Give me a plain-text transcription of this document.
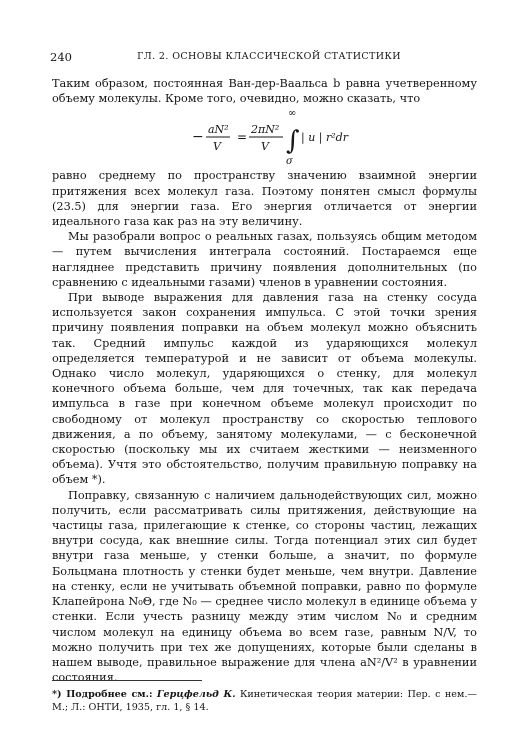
240	ГЛ. 2. ОСНОВЫ КЛАССИЧЕСКОЙ СТАТИСТИКИ

Таким образом, постоянная Ван-дер-Ваальса b равна учетверенному объему молекулы. Кроме того, очевидно, можно сказать, что

− aN²
V
=
2πN²
V
∞
∫
σ
| u | r²dr

равно среднему по пространству значению взаимной энергии притяжения всех молекул газа. Поэтому понятен смысл формулы (23.5) для энергии газа. Его энергия отличается от энергии идеального газа как раз на эту величину.

Мы разобрали вопрос о реальных газах, пользуясь общим методом — путем вычисления интеграла состояний. Постараемся еще нагляднее представить причину появления дополнительных (по сравнению с идеальными газами) членов в уравнении состояния.

При выводе выражения для давления газа на стенку сосуда используется закон сохранения импульса. С этой точки зрения причину появления поправки на объем молекул можно объяснить так. Средний импульс каждой из ударяющихся молекул определяется температурой и не зависит от объема молекулы. Однако число молекул, ударяющихся о стенку, для молекул конечного объема больше, чем для точечных, так как передача импульса в газе при конечном объеме молекул происходит по свободному от молекул пространству со скоростью теплового движения, а по объему, занятому молекулами, — с бесконечной скоростью (поскольку мы их считаем жесткими — неизменного объема). Учтя это обстоятельство, получим правильную поправку на объем *).

Поправку, связанную с наличием дальнодействующих сил, можно получить, если рассматривать силы притяжения, действующие на частицы газа, прилегающие к стенке, со стороны частиц, лежащих внутри сосуда, как внешние силы. Тогда потенциал этих сил будет внутри газа меньше, у стенки больше, а значит, по формуле Больцмана плотность у стенки будет меньше, чем внутри. Давление на стенку, если не учитывать объемной поправки, равно по формуле Клапейрона N₀Θ, где N₀ — среднее число молекул в единице объема у стенки. Если учесть разницу между этим числом N₀ и средним числом молекул на единицу объема во всем газе, равным N/V, то можно получить при тех же допущениях, которые были сделаны в нашем выводе, правильное выражение для члена aN²/V² в уравнении состояния.

*) Подробнее см.: Герцфельд К. Кинетическая теория материи: Пер. с нем.— М.; Л.: ОНТИ, 1935, гл. 1, § 14.
